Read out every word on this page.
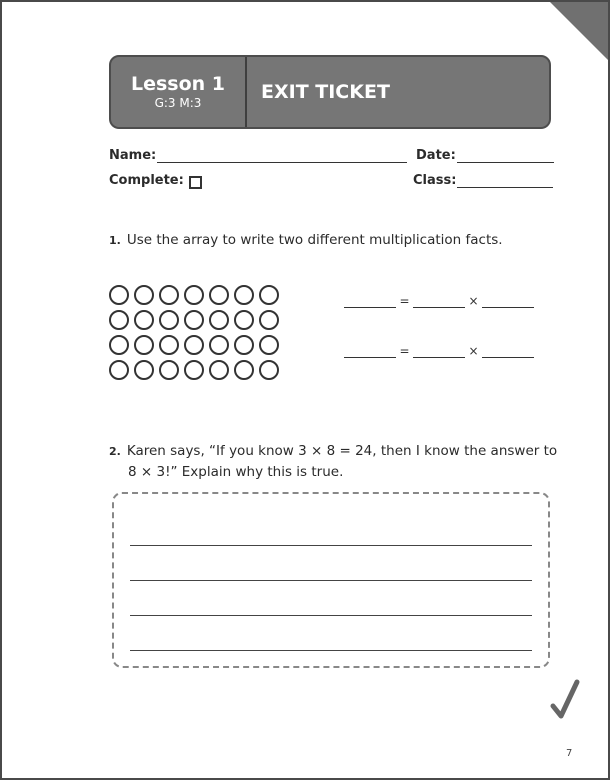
Lesson 1
G:3 M:3	EXIT TICKET
Name:	Date:
Complete:	Class:
1. Use the array to write two different multiplication facts.
=	×
=	×
2. Karen says, “If you know 3 × 8 = 24, then I know the answer to
8 × 3!” Explain why this is true.
7
